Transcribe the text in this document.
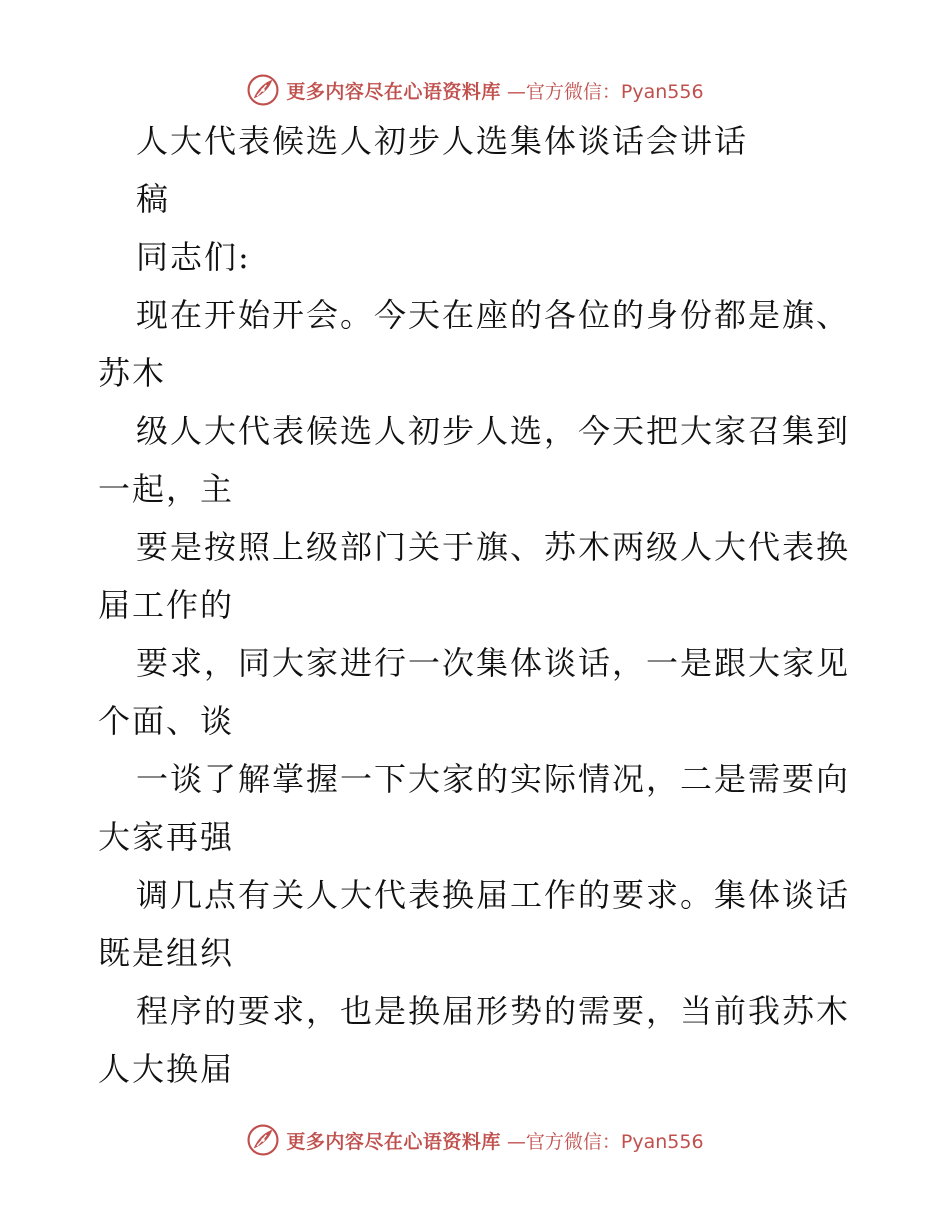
更多内容尽在心语资料库 —官方微信：Pyan556
人大代表候选人初步人选集体谈话会讲话
稿
同志们:
现在开始开会。今天在座的各位的身份都是旗、
苏木
级人大代表候选人初步人选，今天把大家召集到
一起，主
要是按照上级部门关于旗、苏木两级人大代表换
届工作的
要求，同大家进行一次集体谈话，一是跟大家见
个面、谈
一谈了解掌握一下大家的实际情况，二是需要向
大家再强
调几点有关人大代表换届工作的要求。集体谈话
既是组织
程序的要求，也是换届形势的需要，当前我苏木
人大换届
更多内容尽在心语资料库 —官方微信：Pyan556
